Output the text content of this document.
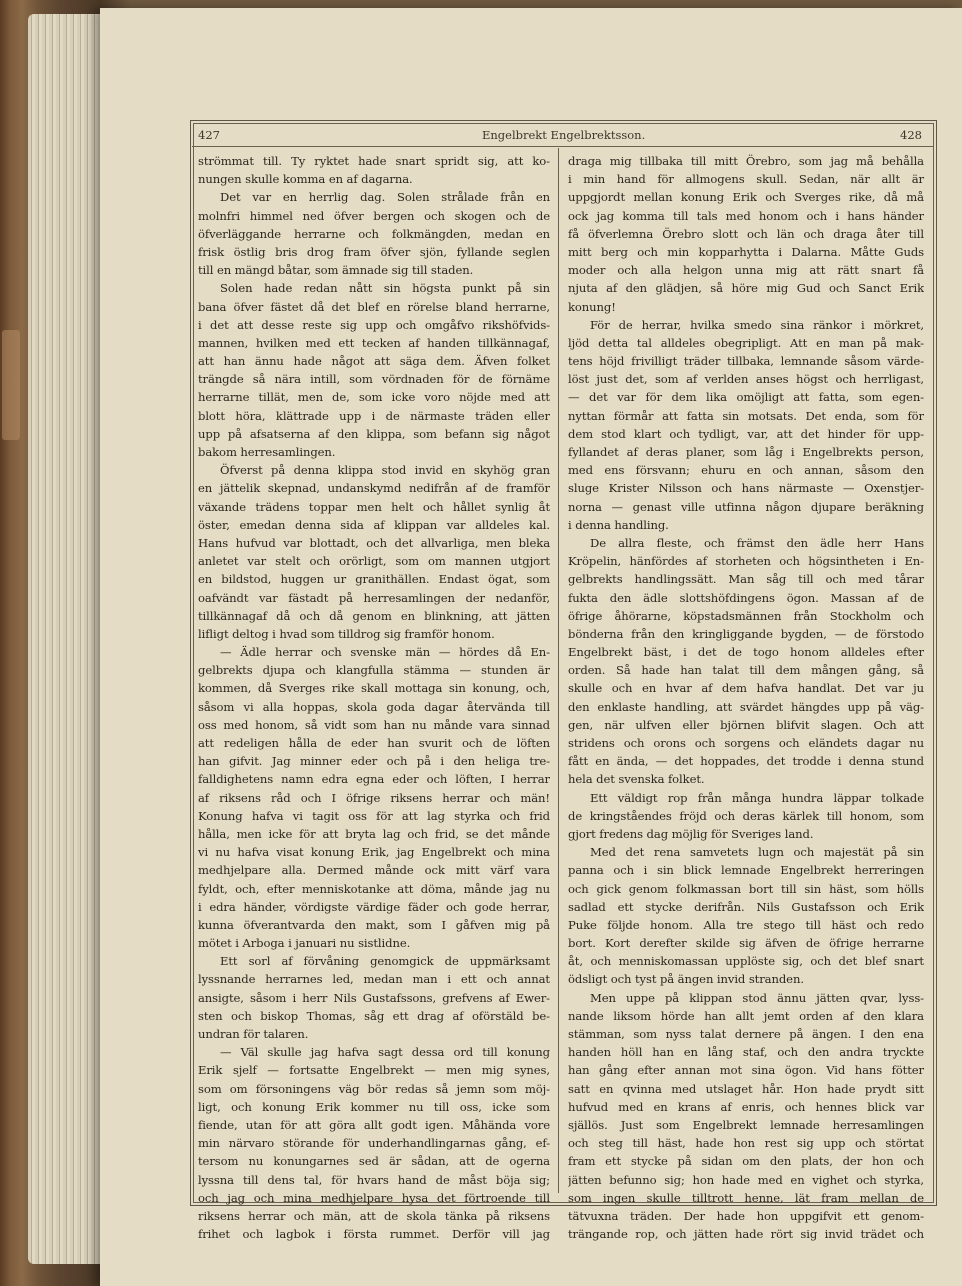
427	Engelbrekt Engelbrektsson.	428
strömmat till. Ty ryktet hade snart spridt sig, att ko-
nungen skulle komma en af dagarna.
Det var en herrlig dag. Solen strålade från en
molnfri himmel ned öfver bergen och skogen och de
öfverläggande herrarne och folkmängden, medan en
frisk östlig bris drog fram öfver sjön, fyllande seglen
till en mängd båtar, som ämnade sig till staden.
Solen hade redan nått sin högsta punkt på sin
bana öfver fästet då det blef en rörelse bland herrarne,
i det att desse reste sig upp och omgåfvo rikshöfvids-
mannen, hvilken med ett tecken af handen tillkännagaf,
att han ännu hade något att säga dem. Äfven folket
trängde så nära intill, som vördnaden för de förnäme
herrarne tillät, men de, som icke voro nöjde med att
blott höra, klättrade upp i de närmaste träden eller
upp på afsatserna af den klippa, som befann sig något
bakom herresamlingen.
Öfverst på denna klippa stod invid en skyhög gran
en jättelik skepnad, undanskymd nedifrån af de framför
växande trädens toppar men helt och hållet synlig åt
öster, emedan denna sida af klippan var alldeles kal.
Hans hufvud var blottadt, och det allvarliga, men bleka
anletet var stelt och orörligt, som om mannen utgjort
en bildstod, huggen ur granithällen. Endast ögat, som
oafvändt var fästadt på herresamlingen der nedanför,
tillkännagaf då och då genom en blinkning, att jätten
lifligt deltog i hvad som tilldrog sig framför honom.
— Ädle herrar och svenske män — hördes då En-
gelbrekts djupa och klangfulla stämma — stunden är
kommen, då Sverges rike skall mottaga sin konung, och,
såsom vi alla hoppas, skola goda dagar återvända till
oss med honom, så vidt som han nu månde vara sinnad
att redeligen hålla de eder han svurit och de löften
han gifvit. Jag minner eder och på i den heliga tre-
falldighetens namn edra egna eder och löften, I herrar
af riksens råd och I öfrige riksens herrar och män!
Konung hafva vi tagit oss för att lag styrka och frid
hålla, men icke för att bryta lag och frid, se det månde
vi nu hafva visat konung Erik, jag Engelbrekt och mina
medhjelpare alla. Dermed månde ock mitt värf vara
fyldt, och, efter menniskotanke att döma, månde jag nu
i edra händer, vördigste värdige fäder och gode herrar,
kunna öfverantvarda den makt, som I gåfven mig på
mötet i Arboga i januari nu sistlidne.
Ett sorl af förvåning genomgick de uppmärksamt
lyssnande herrarnes led, medan man i ett och annat
ansigte, såsom i herr Nils Gustafssons, grefvens af Ewer-
sten och biskop Thomas, såg ett drag af oförstäld be-
undran för talaren.
— Väl skulle jag hafva sagt dessa ord till konung
Erik sjelf — fortsatte Engelbrekt — men mig synes,
som om försoningens väg bör redas så jemn som möj-
ligt, och konung Erik kommer nu till oss, icke som
fiende, utan för att göra allt godt igen. Måhända vore
min närvaro störande för underhandlingarnas gång, ef-
tersom nu konungarnes sed är sådan, att de ogerna
lyssna till dens tal, för hvars hand de måst böja sig;
och jag och mina medhjelpare hysa det förtroende till
riksens herrar och män, att de skola tänka på riksens
frihet och lagbok i första rummet. Derför vill jag
draga mig tillbaka till mitt Örebro, som jag må behålla
i min hand för allmogens skull. Sedan, när allt är
uppgjordt mellan konung Erik och Sverges rike, då må
ock jag komma till tals med honom och i hans händer
få öfverlemna Örebro slott och län och draga åter till
mitt berg och min kopparhytta i Dalarna. Måtte Guds
moder och alla helgon unna mig att rätt snart få
njuta af den glädjen, så höre mig Gud och Sanct Erik
konung!
För de herrar, hvilka smedo sina ränkor i mörkret,
ljöd detta tal alldeles obegripligt. Att en man på mak-
tens höjd frivilligt träder tillbaka, lemnande såsom värde-
löst just det, som af verlden anses högst och herrligast,
— det var för dem lika omöjligt att fatta, som egen-
nyttan förmår att fatta sin motsats. Det enda, som för
dem stod klart och tydligt, var, att det hinder för upp-
fyllandet af deras planer, som låg i Engelbrekts person,
med ens försvann; ehuru en och annan, såsom den
sluge Krister Nilsson och hans närmaste — Oxenstjer-
norna — genast ville utfinna någon djupare beräkning
i denna handling.
De allra fleste, och främst den ädle herr Hans
Kröpelin, hänfördes af storheten och högsintheten i En-
gelbrekts handlingssätt. Man såg till och med tårar
fukta den ädle slottshöfdingens ögon. Massan af de
öfrige åhörarne, köpstadsmännen från Stockholm och
bönderna från den kringliggande bygden, — de förstodo
Engelbrekt bäst, i det de togo honom alldeles efter
orden. Så hade han talat till dem mången gång, så
skulle och en hvar af dem hafva handlat. Det var ju
den enklaste handling, att svärdet hängdes upp på väg-
gen, när ulfven eller björnen blifvit slagen. Och att
stridens och orons och sorgens och eländets dagar nu
fått en ända, — det hoppades, det trodde i denna stund
hela det svenska folket.
Ett väldigt rop från många hundra läppar tolkade
de kringståendes fröjd och deras kärlek till honom, som
gjort fredens dag möjlig för Sveriges land.
Med det rena samvetets lugn och majestät på sin
panna och i sin blick lemnade Engelbrekt herreringen
och gick genom folkmassan bort till sin häst, som hölls
sadlad ett stycke derifrån. Nils Gustafsson och Erik
Puke följde honom. Alla tre stego till häst och redo
bort. Kort derefter skilde sig äfven de öfrige herrarne
åt, och menniskomassan upplöste sig, och det blef snart
ödsligt och tyst på ängen invid stranden.
Men uppe på klippan stod ännu jätten qvar, lyss-
nande liksom hörde han allt jemt orden af den klara
stämman, som nyss talat dernere på ängen. I den ena
handen höll han en lång staf, och den andra tryckte
han gång efter annan mot sina ögon. Vid hans fötter
satt en qvinna med utslaget hår. Hon hade prydt sitt
hufvud med en krans af enris, och hennes blick var
själlös. Just som Engelbrekt lemnade herresamlingen
och steg till häst, hade hon rest sig upp och störtat
fram ett stycke på sidan om den plats, der hon och
jätten befunno sig; hon hade med en vighet och styrka,
som ingen skulle tilltrott henne, lät fram mellan de
tätvuxna träden. Der hade hon uppgifvit ett genom-
trängande rop, och jätten hade rört sig invid trädet och
